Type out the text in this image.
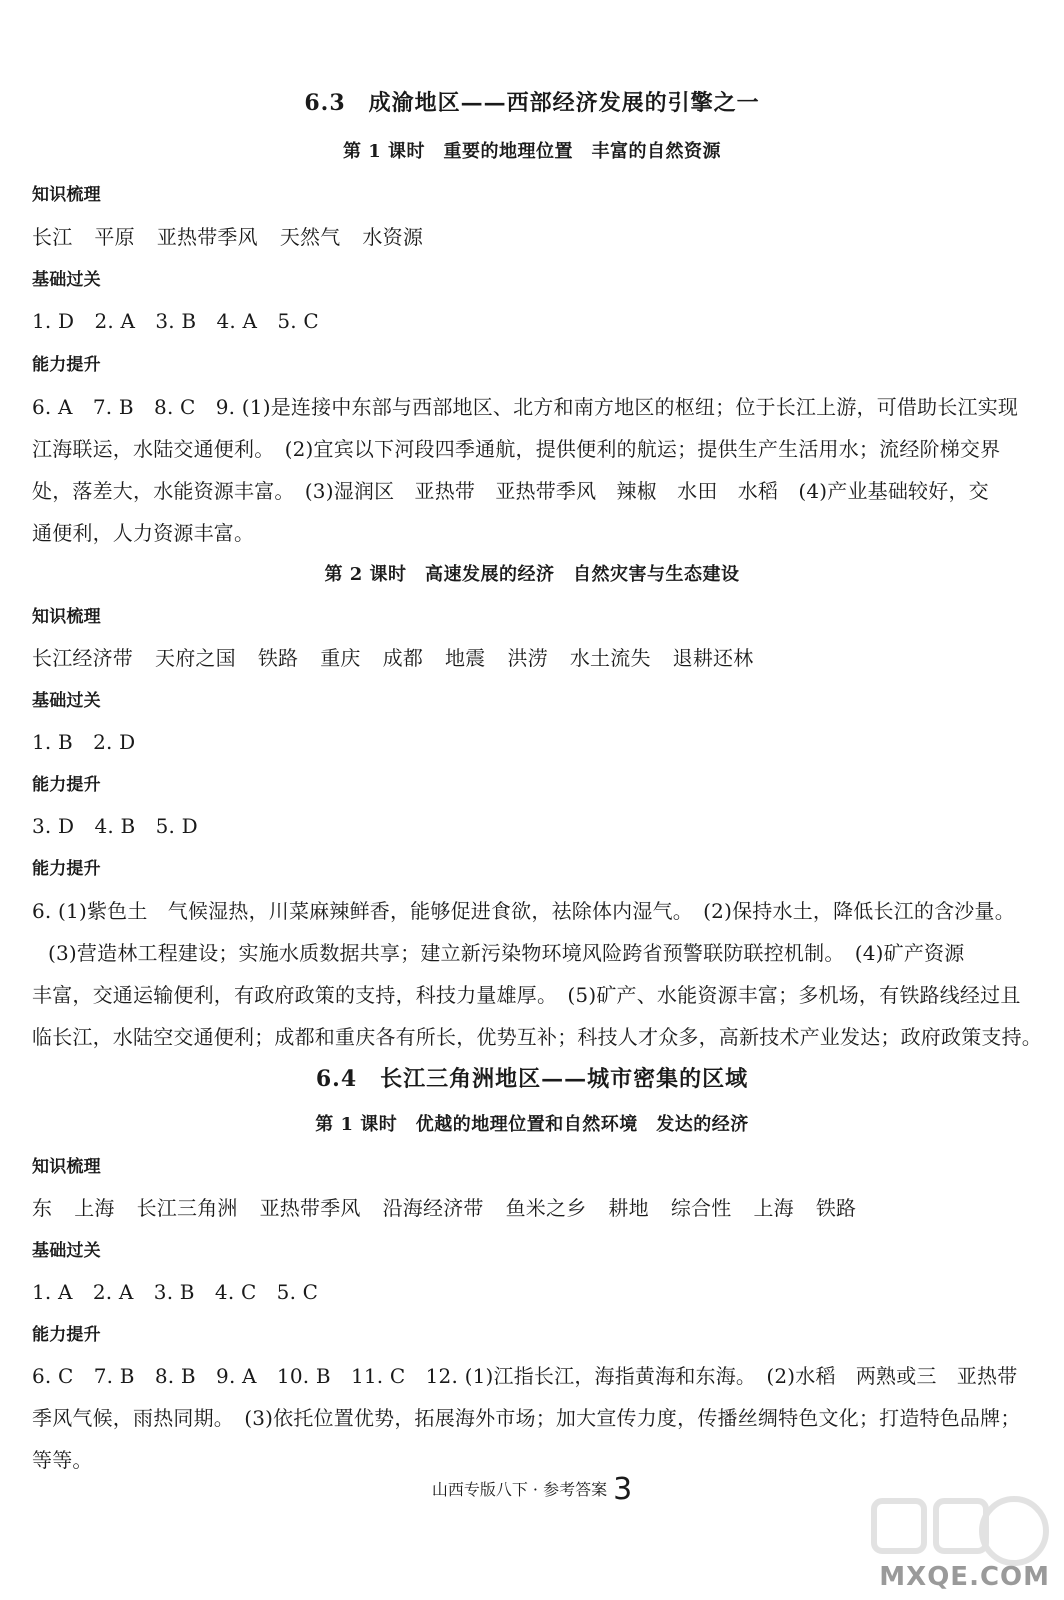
6.3　成渝地区——西部经济发展的引擎之一
第 1 课时　重要的地理位置　丰富的自然资源
知识梳理
长江 平原 亚热带季风 天然气 水资源
基础过关
1. D　2. A　3. B　4. A　5. C
能力提升
6. A　7. B　8. C　9. (1)是连接中东部与西部地区、北方和南方地区的枢纽；位于长江上游，可借助长江实现
江海联运，水陆交通便利。　(2)宜宾以下河段四季通航，提供便利的航运；提供生产生活用水；流经阶梯交界
处，落差大，水能资源丰富。　(3)湿润区　亚热带　亚热带季风　辣椒　水田　水稻　(4)产业基础较好，交
通便利，人力资源丰富。
第 2 课时　高速发展的经济　自然灾害与生态建设
知识梳理
长江经济带 天府之国 铁路 重庆 成都 地震 洪涝 水土流失 退耕还林
基础过关
1. B　2. D
能力提升
3. D　4. B　5. D
能力提升
6. (1)紫色土　气候湿热，川菜麻辣鲜香，能够促进食欲，祛除体内湿气。　(2)保持水土，降低长江的含沙量。
(3)营造林工程建设；实施水质数据共享；建立新污染物环境风险跨省预警联防联控机制。　(4)矿产资源
丰富，交通运输便利，有政府政策的支持，科技力量雄厚。　(5)矿产、水能资源丰富；多机场，有铁路线经过且
临长江，水陆空交通便利；成都和重庆各有所长，优势互补；科技人才众多，高新技术产业发达；政府政策支持。
6.4　长江三角洲地区——城市密集的区域
第 1 课时　优越的地理位置和自然环境　发达的经济
知识梳理
东 上海 长江三角洲 亚热带季风 沿海经济带 鱼米之乡 耕地 综合性 上海 铁路
基础过关
1. A　2. A　3. B　4. C　5. C
能力提升
6. C　7. B　8. B　9. A　10. B　11. C　12. (1)江指长江，海指黄海和东海。　(2)水稻　两熟或三　亚热带
季风气候，雨热同期。　(3)依托位置优势，拓展海外市场；加大宣传力度，传播丝绸特色文化；打造特色品牌；
等等。
山西专版八下 · 参考答案 3
MXQE.COM
